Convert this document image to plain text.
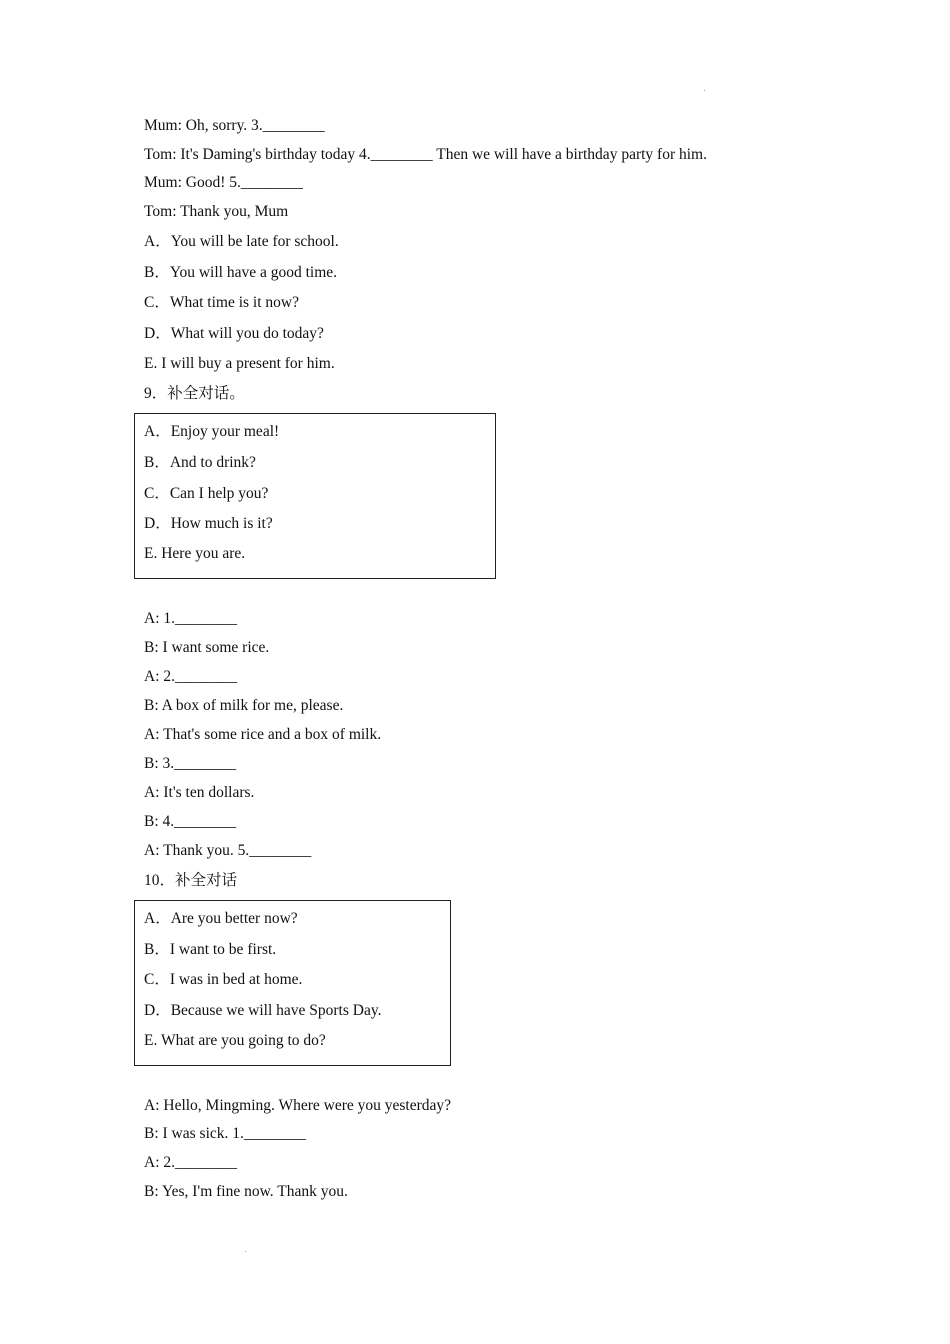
Mum: Oh, sorry. 3.________
Tom: It's Daming's birthday today 4.________ Then we will have a birthday party for him.
Mum: Good! 5.________
Tom: Thank you, Mum
A．You will be late for school.
B．You will have a good time.
C．What time is it now?
D．What will you do today?
E. I will buy a present for him.
9．补全对话。
A．Enjoy your meal!
B．And to drink?
C．Can I help you?
D．How much is it?
E. Here you are.
A: 1.________
B: I want some rice.
A: 2.________
B: A box of milk for me, please.
A: That's some rice and a box of milk.
B: 3.________
A: It's ten dollars.
B: 4.________
A: Thank you. 5.________
10．补全对话
A．Are you better now?
B．I want to be first.
C．I was in bed at home.
D．Because we will have Sports Day.
E. What are you going to do?
A: Hello, Mingming. Where were you yesterday?
B: I was sick. 1.________
A: 2.________
B: Yes, I'm fine now. Thank you.
